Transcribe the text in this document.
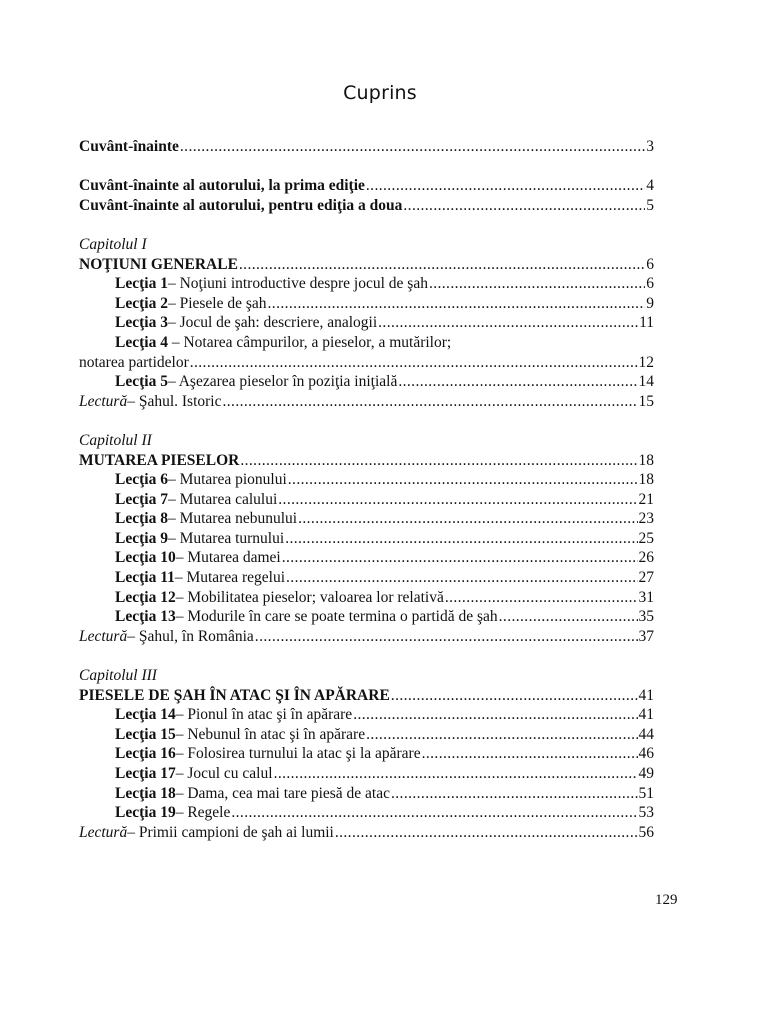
Cuprins
Cuvânt-înainte .....	3
Cuvânt-înainte al autorului, la prima ediţie .....	4
Cuvânt-înainte al autorului, pentru ediţia a doua .....	5
Capitolul I
NOŢIUNI GENERALE .....	6
Lecţia 1 – Noţiuni introductive despre jocul de şah .....	6
Lecţia 2 – Piesele de şah .....	9
Lecţia 3 – Jocul de şah: descriere, analogii .....	11
Lecţia 4 – Notarea câmpurilor, a pieselor, a mutărilor;
notarea partidelor .....	12
Lecţia 5 – Aşezarea pieselor în poziţia iniţială .....	14
Lectură – Şahul. Istoric .....	15
Capitolul II
MUTAREA PIESELOR .....	18
Lecţia 6 – Mutarea pionului .....	18
Lecţia 7 – Mutarea calului .....	21
Lecţia 8 – Mutarea nebunului .....	23
Lecţia 9 – Mutarea turnului .....	25
Lecţia 10 – Mutarea damei .....	26
Lecţia 11 – Mutarea regelui .....	27
Lecţia 12 – Mobilitatea pieselor; valoarea lor relativă .....	31
Lecţia 13 – Modurile în care se poate termina o partidă de şah .....	35
Lectură – Şahul, în România .....	37
Capitolul III
PIESELE DE ŞAH ÎN ATAC ŞI ÎN APĂRARE .....	41
Lecţia 14 – Pionul în atac şi în apărare .....	41
Lecţia 15 – Nebunul în atac şi în apărare .....	44
Lecţia 16 – Folosirea turnului la atac şi la apărare .....	46
Lecţia 17 – Jocul cu calul .....	49
Lecţia 18 – Dama, cea mai tare piesă de atac .....	51
Lecţia 19 – Regele .....	53
Lectură – Primii campioni de şah ai lumii .....	56
129
